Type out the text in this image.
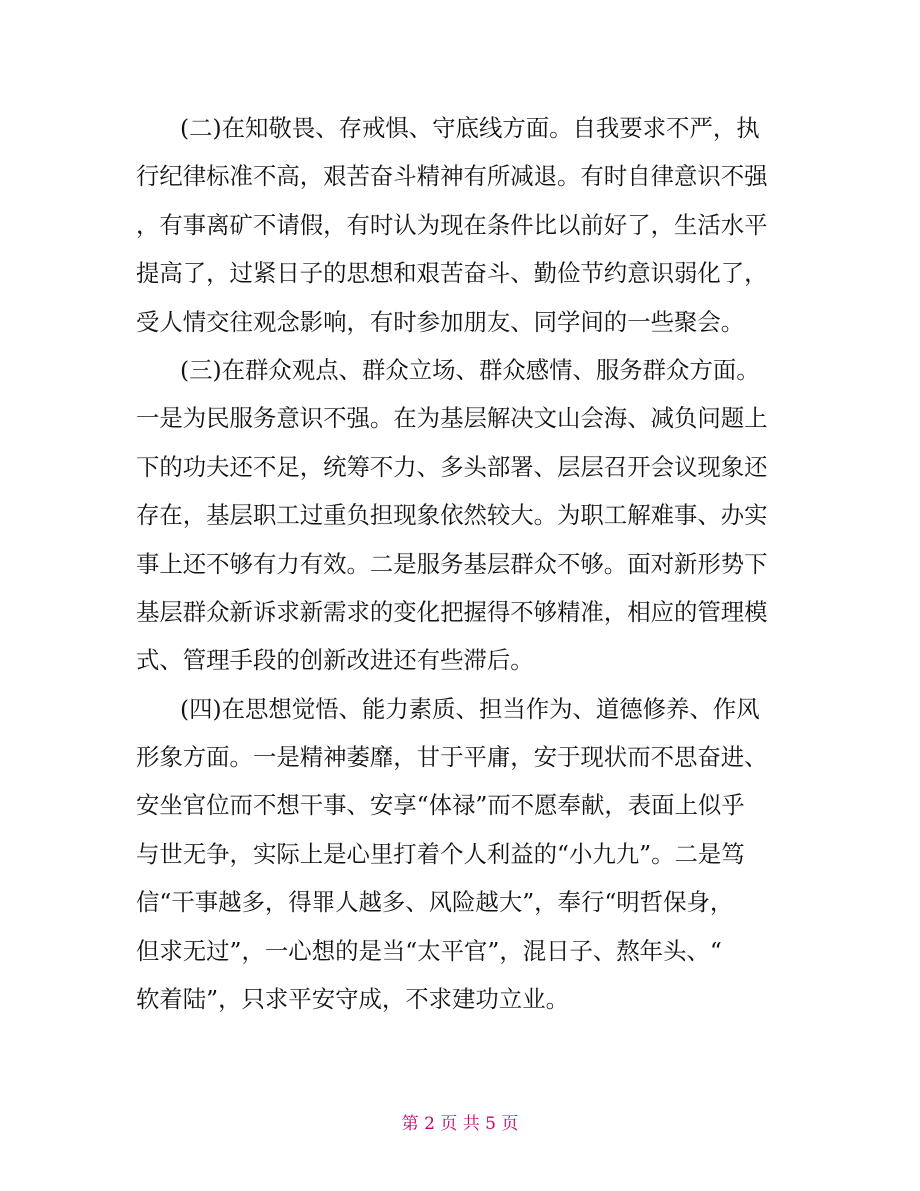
(二)在知敬畏、存戒惧、守底线方面。自我要求不严，执
行纪律标准不高，艰苦奋斗精神有所减退。有时自律意识不强
，有事离矿不请假，有时认为现在条件比以前好了，生活水平
提高了，过紧日子的思想和艰苦奋斗、勤俭节约意识弱化了，
受人情交往观念影响，有时参加朋友、同学间的一些聚会。
(三)在群众观点、群众立场、群众感情、服务群众方面。
一是为民服务意识不强。在为基层解决文山会海、减负问题上
下的功夫还不足，统筹不力、多头部署、层层召开会议现象还
存在，基层职工过重负担现象依然较大。为职工解难事、办实
事上还不够有力有效。二是服务基层群众不够。面对新形势下
基层群众新诉求新需求的变化把握得不够精准，相应的管理模
式、管理手段的创新改进还有些滞后。
(四)在思想觉悟、能力素质、担当作为、道德修养、作风
形象方面。一是精神萎靡，甘于平庸，安于现状而不思奋进、
安坐官位而不想干事、安享“体禄”而不愿奉献，表面上似乎
与世无争，实际上是心里打着个人利益的“小九九”。二是笃
信“干事越多，得罪人越多、风险越大”，奉行“明哲保身，
但求无过”，一心想的是当“太平官”，混日子、熬年头、“
软着陆”，只求平安守成，不求建功立业。
第 2 页 共 5 页
